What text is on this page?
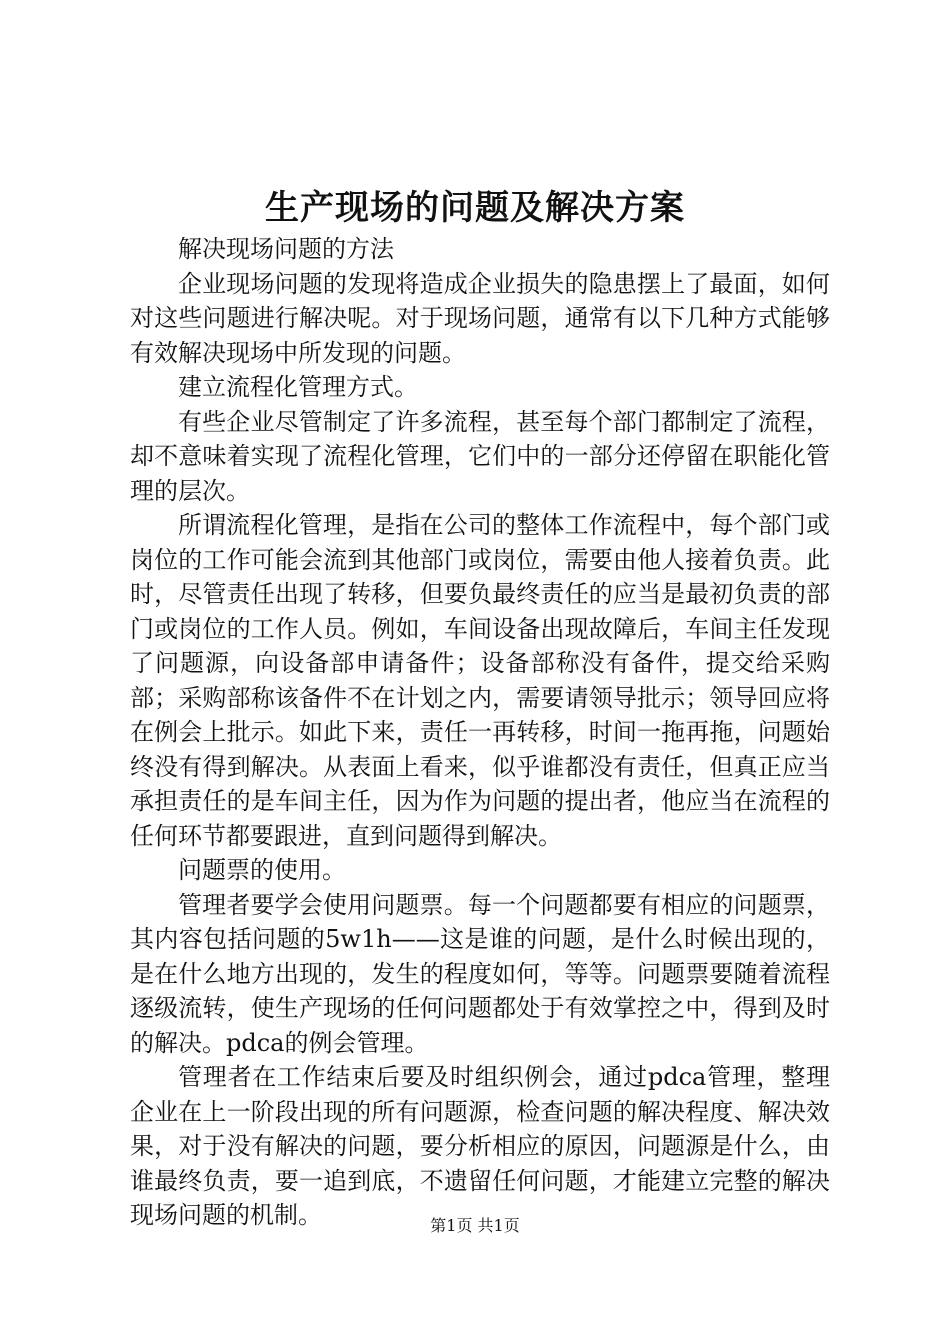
生产现场的问题及解决方案

解决现场问题的方法

企业现场问题的发现将造成企业损失的隐患摆上了最面，如何对这些问题进行解决呢。对于现场问题，通常有以下几种方式能够有效解决现场中所发现的问题。

建立流程化管理方式。

有些企业尽管制定了许多流程，甚至每个部门都制定了流程，却不意味着实现了流程化管理，它们中的一部分还停留在职能化管理的层次。

所谓流程化管理，是指在公司的整体工作流程中，每个部门或岗位的工作可能会流到其他部门或岗位，需要由他人接着负责。此时，尽管责任出现了转移，但要负最终责任的应当是最初负责的部门或岗位的工作人员。例如，车间设备出现故障后，车间主任发现了问题源，向设备部申请备件；设备部称没有备件，提交给采购部；采购部称该备件不在计划之内，需要请领导批示；领导回应将在例会上批示。如此下来，责任一再转移，时间一拖再拖，问题始终没有得到解决。从表面上看来，似乎谁都没有责任，但真正应当承担责任的是车间主任，因为作为问题的提出者，他应当在流程的任何环节都要跟进，直到问题得到解决。

问题票的使用。

管理者要学会使用问题票。每一个问题都要有相应的问题票，其内容包括问题的5w1h——这是谁的问题，是什么时候出现的，是在什么地方出现的，发生的程度如何，等等。问题票要随着流程逐级流转，使生产现场的任何问题都处于有效掌控之中，得到及时的解决。pdca的例会管理。

管理者在工作结束后要及时组织例会，通过pdca管理，整理企业在上一阶段出现的所有问题源，检查问题的解决程度、解决效果，对于没有解决的问题，要分析相应的原因，问题源是什么，由谁最终负责，要一追到底，不遗留任何问题，才能建立完整的解决现场问题的机制。	第1页 共1页
